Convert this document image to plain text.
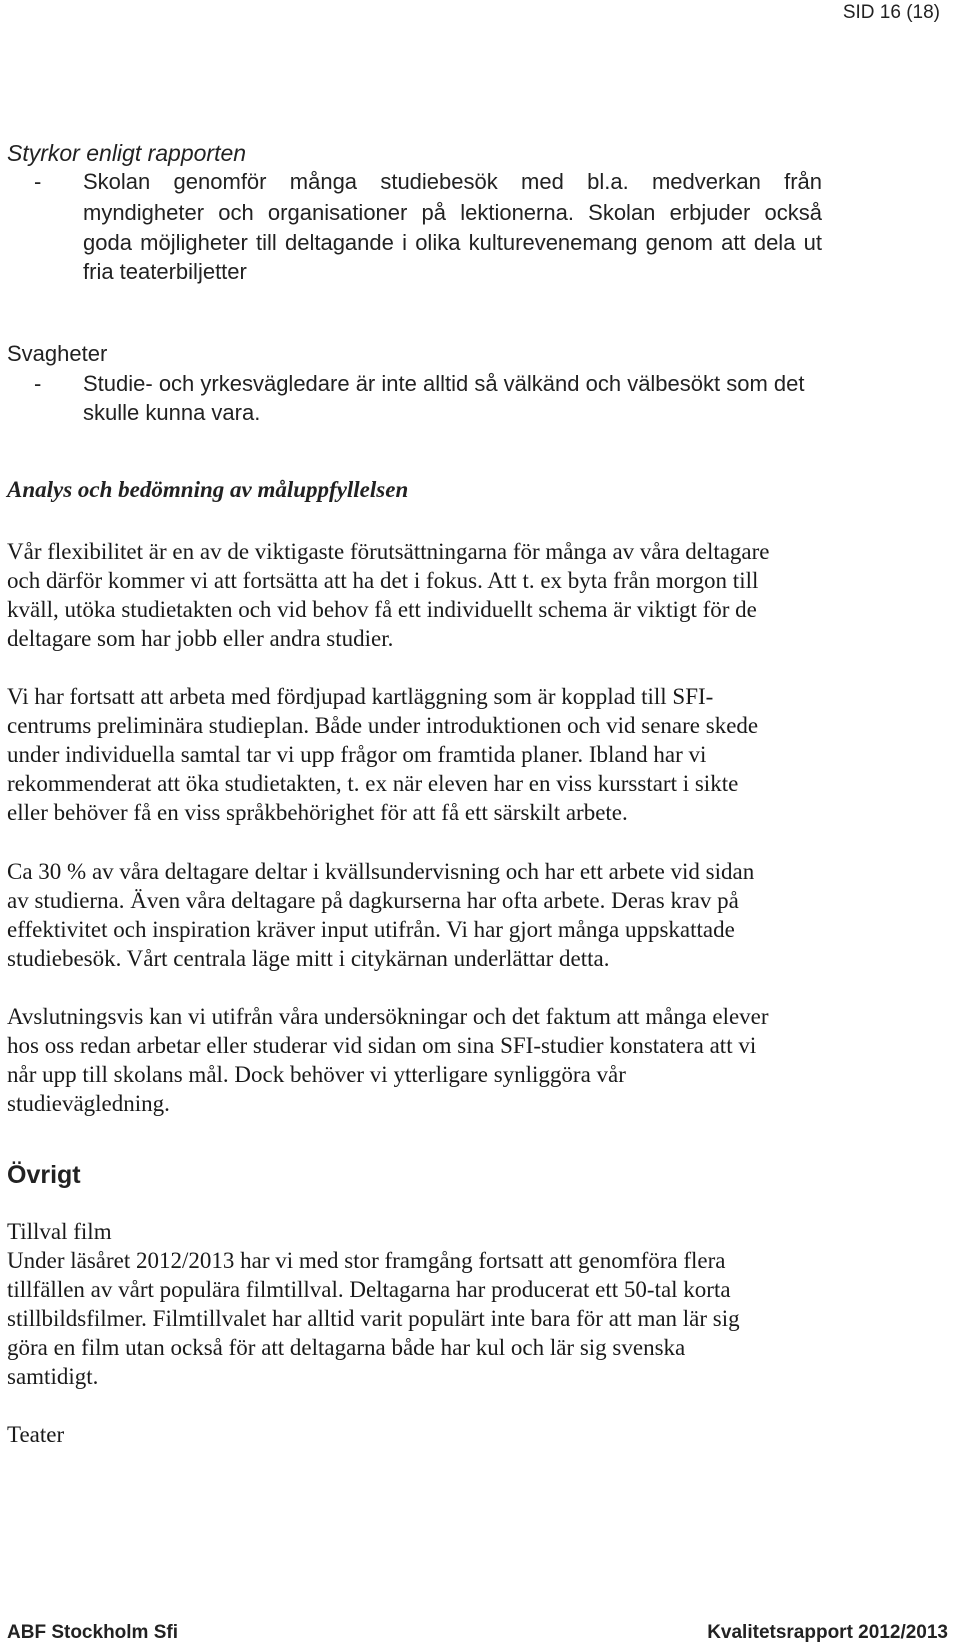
SID 16 (18)
Styrkor enligt rapporten
- Skolan genomför många studiebesök med bl.a. medverkan från
myndigheter och organisationer på lektionerna. Skolan erbjuder också
goda möjligheter till deltagande i olika kulturevenemang genom att dela ut
fria teaterbiljetter
Svagheter
- Studie- och yrkesvägledare är inte alltid så välkänd och välbesökt som det
skulle kunna vara.
Analys och bedömning av måluppfyllelsen
Vår flexibilitet är en av de viktigaste förutsättningarna för många av våra deltagare
och därför kommer vi att fortsätta att ha det i fokus. Att t. ex byta från morgon till
kväll, utöka studietakten och vid behov få ett individuellt schema är viktigt för de
deltagare som har jobb eller andra studier.
Vi har fortsatt att arbeta med fördjupad kartläggning som är kopplad till SFI-
centrums preliminära studieplan. Både under introduktionen och vid senare skede
under individuella samtal tar vi upp frågor om framtida planer. Ibland har vi
rekommenderat att öka studietakten, t. ex när eleven har en viss kursstart i sikte
eller behöver få en viss språkbehörighet för att få ett särskilt arbete.
Ca 30 % av våra deltagare deltar i kvällsundervisning och har ett arbete vid sidan
av studierna. Även våra deltagare på dagkurserna har ofta arbete. Deras krav på
effektivitet och inspiration kräver input utifrån. Vi har gjort många uppskattade
studiebesök. Vårt centrala läge mitt i citykärnan underlättar detta.
Avslutningsvis kan vi utifrån våra undersökningar och det faktum att många elever
hos oss redan arbetar eller studerar vid sidan om sina SFI-studier konstatera att vi
når upp till skolans mål. Dock behöver vi ytterligare synliggöra vår
studievägledning.
Övrigt
Tillval film
Under läsåret 2012/2013 har vi med stor framgång fortsatt att genomföra flera
tillfällen av vårt populära filmtillval. Deltagarna har producerat ett 50-tal korta
stillbildsfilmer. Filmtillvalet har alltid varit populärt inte bara för att man lär sig
göra en film utan också för att deltagarna både har kul och lär sig svenska
samtidigt.
Teater
ABF Stockholm Sfi	Kvalitetsrapport 2012/2013
